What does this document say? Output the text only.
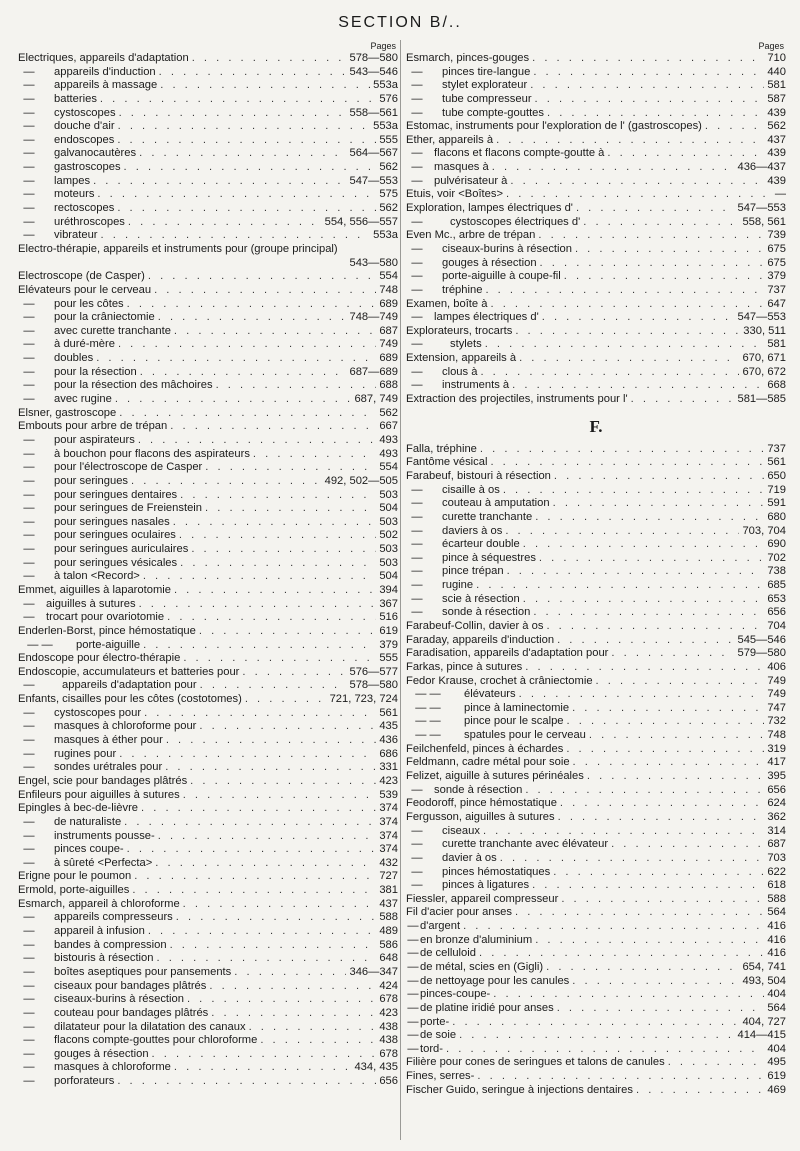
SECTION B/..
Pages
Electriques, appareils d'adaptation . . .	578—580
—	appareils d'induction . . .	543—546
—	appareils à massage . . .	553a
—	batteries . . .	576
—	cystoscopes . . .	558—561
—	douche d'air . . .	553a
—	endoscopes . . .	555
—	galvanocautères . . .	564—567
—	gastroscopes . . .	562
—	lampes . . .	547—553
—	moteurs . . .	575
—	rectoscopes . . .	562
—	uréthroscopes . . .	554, 556—557
—	vibrateur . . .	553a
Electro-thérapie, appareils et instruments pour (groupe principal)
543—580
Electroscope (de Casper) . . .	554
Elévateurs pour le cerveau . . .	748
—	pour les côtes . . .	689
—	pour la crâniectomie . . .	748—749
—	avec curette tranchante . . .	687
—	à duré-mère . . .	749
—	doubles . . .	689
—	pour la résection . . .	687—689
—	pour la résection des mâchoires . . .	688
—	avec rugine . . .	687, 749
Elsner, gastroscope . . .	562
Embouts pour arbre de trépan . . .	667
—	pour aspirateurs . . .	493
—	à bouchon pour flacons des aspirateurs . . .	493
—	pour l'électroscope de Casper . . .	554
—	pour seringues . . .	492, 502—505
—	pour seringues dentaires . . .	503
—	pour seringues de Freienstein . . .	504
—	pour seringues nasales . . .	503
—	pour seringues oculaires . . .	502
—	pour seringues auriculaires . . .	503
—	pour seringues vésicales . . .	503
—	à talon <Record> . . .	504
Emmet, aiguilles à laparotomie . . .	394
—	aiguilles à sutures . . .	367
—	trocart pour ovariotomie . . .	516
Enderlen-Borst, pince hémostatique . . .	619
— —	porte-aiguille . . .	379
Endoscope pour électro-thérapie . . .	555
Endoscopie, accumulateurs et batteries pour . . .	576—577
—	appareils d'adaptation pour . . .	578—580
Enfants, cisailles pour les côtes (costotomes) . . .	721, 723, 724
—	cystoscopes pour . . .	561
—	masques à chloroforme pour . . .	435
—	masques à éther pour . . .	436
—	rugines pour . . .	686
—	sondes urétrales pour . . .	331
Engel, scie pour bandages plâtrés . . .	423
Enfileurs pour aiguilles à sutures . . .	539
Epingles à bec-de-lièvre . . .	374
—	de naturaliste . . .	374
—	instruments pousse- . . .	374
—	pinces coupe- . . .	374
—	à sûreté <Perfecta> . . .	432
Erigne pour le poumon . . .	727
Ermold, porte-aiguilles . . .	381
Esmarch, appareil à chloroforme . . .	437
—	appareils compresseurs . . .	588
—	appareil à infusion . . .	489
—	bandes à compression . . .	586
—	bistouris à résection . . .	648
—	boîtes aseptiques pour pansements . . .	346—347
—	ciseaux pour bandages plâtrés . . .	424
—	ciseaux-burins à résection . . .	678
—	couteau pour bandages plâtrés . . .	423
—	dilatateur pour la dilatation des canaux . . .	438
—	flacons compte-gouttes pour chloroforme . . .	438
—	gouges à résection . . .	678
—	masques à chloroforme . . .	434, 435
—	porforateurs . . .	656
Pages
Esmarch, pinces-gouges . . .	710
—	pinces tire-langue . . .	440
—	stylet explorateur . . .	581
—	tube compresseur . . .	587
—	tube compte-gouttes . . .	439
Estomac, instruments pour l'exploration de l' (gastroscopes) . . .	562
Ether, appareils à . . .	437
—	flacons et flacons compte-goutte à . . .	439
—	masques à . . .	436—437
—	pulvérisateur à . . .	439
Etuis, voir <Boîtes> . . .	—
Exploration, lampes électriques d' . . .	547—553
—	cystoscopes électriques d' . . .	558, 561
Even Mc., arbre de trépan . . .	739
—	ciseaux-burins à résection . . .	675
—	gouges à résection . . .	675
—	porte-aiguille à coupe-fil . . .	379
—	tréphine . . .	737
Examen, boîte à . . .	647
—	lampes électriques d' . . .	547—553
Explorateurs, trocarts . . .	330, 511
—	stylets . . .	581
Extension, appareils à . . .	670, 671
—	clous à . . .	670, 672
—	instruments à . . .	668
Extraction des projectiles, instruments pour l' . . .	581—585
F.
Falla, tréphine . . .	737
Fantôme vésical . . .	561
Farabeuf, bistouri à résection . . .	650
—	cisaille à os . . .	719
—	couteau à amputation . . .	591
—	curette tranchante . . .	680
—	daviers à os . . .	703, 704
—	écarteur double . . .	690
—	pince à séquestres . . .	702
—	pince trépan . . .	738
—	rugine . . .	685
—	scie à résection . . .	653
—	sonde à résection . . .	656
Farabeuf-Collin, davier à os . . .	704
Faraday, appareils d'induction . . .	545—546
Faradisation, appareils d'adaptation pour . . .	579—580
Farkas, pince à sutures . . .	406
Fedor Krause, crochet à crâniectomie . . .	749
— —	élévateurs . . .	749
— —	pince à laminectomie . . .	747
— —	pince pour le scalpe . . .	732
— —	spatules pour le cerveau . . .	748
Feilchenfeld, pinces à échardes . . .	319
Feldmann, cadre métal pour soie . . .	417
Felizet, aiguille à sutures périnéales . . .	395
—	sonde à résection . . .	656
Feodoroff, pince hémostatique . . .	624
Fergusson, aiguilles à sutures . . .	362
—	ciseaux . . .	314
—	curette tranchante avec élévateur . . .	687
—	davier à os . . .	703
—	pinces hémostatiques . . .	622
—	pinces à ligatures . . .	618
Fiessler, appareil compresseur . . .	588
Fil d'acier pour anses . . .	564
— d'argent . . .	416
— en bronze d'aluminium . . .	416
— de celluloid . . .	416
— de métal, scies en (Gigli) . . .	654, 741
— de nettoyage pour les canules . . .	493, 504
— pinces-coupe- . . .	404
— de platine iridié pour anses . . .	564
— porte- . . .	404, 727
— de soie . . .	414—415
— tord- . . .	404
Filière pour cones de seringues et talons de canules . . .	495
Fines, serres- . . .	619
Fischer Guido, seringue à injections dentaires . . .	469
